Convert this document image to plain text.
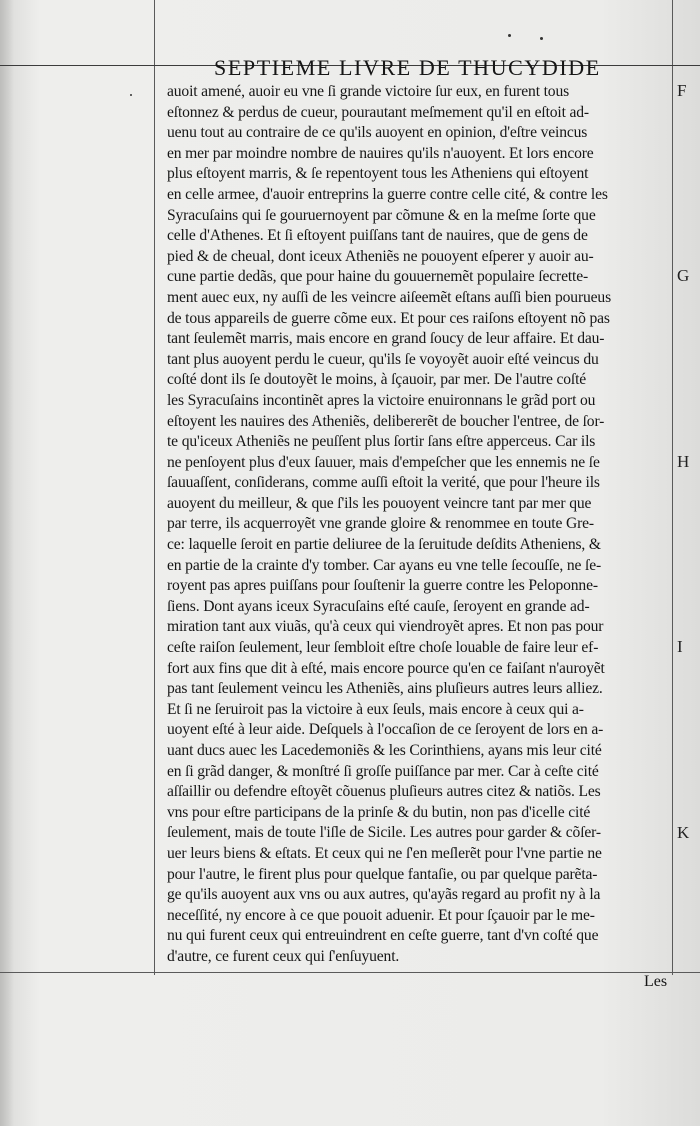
SEPTIEME LIVRE DE THUCYDIDE
F
G
H
I
K
auoit amené, auoir eu vne ſi grande victoire ſur eux, en furent tous
eſtonnez & perdus de cueur, pourautant meſmement qu'il en eſtoit ad-
uenu tout au contraire de ce qu'ils auoyent en opinion, d'eſtre veincus
en mer par moindre nombre de nauires qu'ils n'auoyent. Et lors encore
plus eſtoyent marris, & ſe repentoyent tous les Atheniens qui eſtoyent
en celle armee, d'auoir entreprins la guerre contre celle cité, & contre les
Syracuſains qui ſe gouruernoyent par cõmune & en la meſme ſorte que
celle d'Athenes. Et ſi eſtoyent puiſſans tant de nauires, que de gens de
pied & de cheual, dont iceux Atheniẽs ne pouoyent eſperer y auoir au-
cune partie dedãs, que pour haine du gouuernemẽt populaire ſecrette-
ment auec eux, ny auſſi de les veincre aiſeemẽt eſtans auſſi bien pourueus
de tous appareils de guerre cõme eux. Et pour ces raiſons eſtoyent nõ pas
tant ſeulemẽt marris, mais encore en grand ſoucy de leur affaire. Et dau-
tant plus auoyent perdu le cueur, qu'ils ſe voyoyẽt auoir eſté veincus du
coſté dont ils ſe doutoyẽt le moins, à ſçauoir, par mer. De l'autre coſté
les Syracuſains incontinẽt apres la victoire enuironnans le grãd port ou
eſtoyent les nauires des Atheniẽs, delibererẽt de boucher l'entree, de ſor-
te qu'iceux Atheniẽs ne peuſſent plus ſortir ſans eſtre apperceus. Car ils
ne penſoyent plus d'eux ſauuer, mais d'empeſcher que les ennemis ne ſe
ſauuaſſent, conſiderans, comme auſſi eſtoit la verité, que pour l'heure ils
auoyent du meilleur, & que ſ'ils les pouoyent veincre tant par mer que
par terre, ils acquerroyẽt vne grande gloire & renommee en toute Gre-
ce: laquelle ſeroit en partie deliuree de la ſeruitude deſdits Atheniens, &
en partie de la crainte d'y tomber. Car ayans eu vne telle ſecouſſe, ne ſe-
royent pas apres puiſſans pour ſouſtenir la guerre contre les Peloponne-
ſiens. Dont ayans iceux Syracuſains eſté cauſe, ſeroyent en grande ad-
miration tant aux viuãs, qu'à ceux qui viendroyẽt apres. Et non pas pour
ceſte raiſon ſeulement, leur ſembloit eſtre choſe louable de faire leur ef-
fort aux fins que dit à eſté, mais encore pource qu'en ce faiſant n'auroyẽt
pas tant ſeulement veincu les Atheniẽs, ains pluſieurs autres leurs alliez.
Et ſi ne ſeruiroit pas la victoire à eux ſeuls, mais encore à ceux qui a-
uoyent eſté à leur aide. Deſquels à l'occaſion de ce ſeroyent de lors en a-
uant ducs auec les Lacedemoniẽs & les Corinthiens, ayans mis leur cité
en ſi grãd danger, & monſtré ſi groſſe puiſſance par mer. Car à ceſte cité
aſſaillir ou defendre eſtoyẽt cõuenus pluſieurs autres citez & natiõs. Les
vns pour eſtre participans de la prinſe & du butin, non pas d'icelle cité
ſeulement, mais de toute l'iſle de Sicile. Les autres pour garder & cõſer-
uer leurs biens & eſtats. Et ceux qui ne ſ'en meſlerẽt pour l'vne partie ne
pour l'autre, le firent plus pour quelque fantaſie, ou par quelque parẽta-
ge qu'ils auoyent aux vns ou aux autres, qu'ayãs regard au profit ny à la
neceſſité, ny encore à ce que pouoit aduenir. Et pour ſçauoir par le me-
nu qui furent ceux qui entreuindrent en ceſte guerre, tant d'vn coſté que
d'autre, ce furent ceux qui ſ'enſuyuent.
Les
